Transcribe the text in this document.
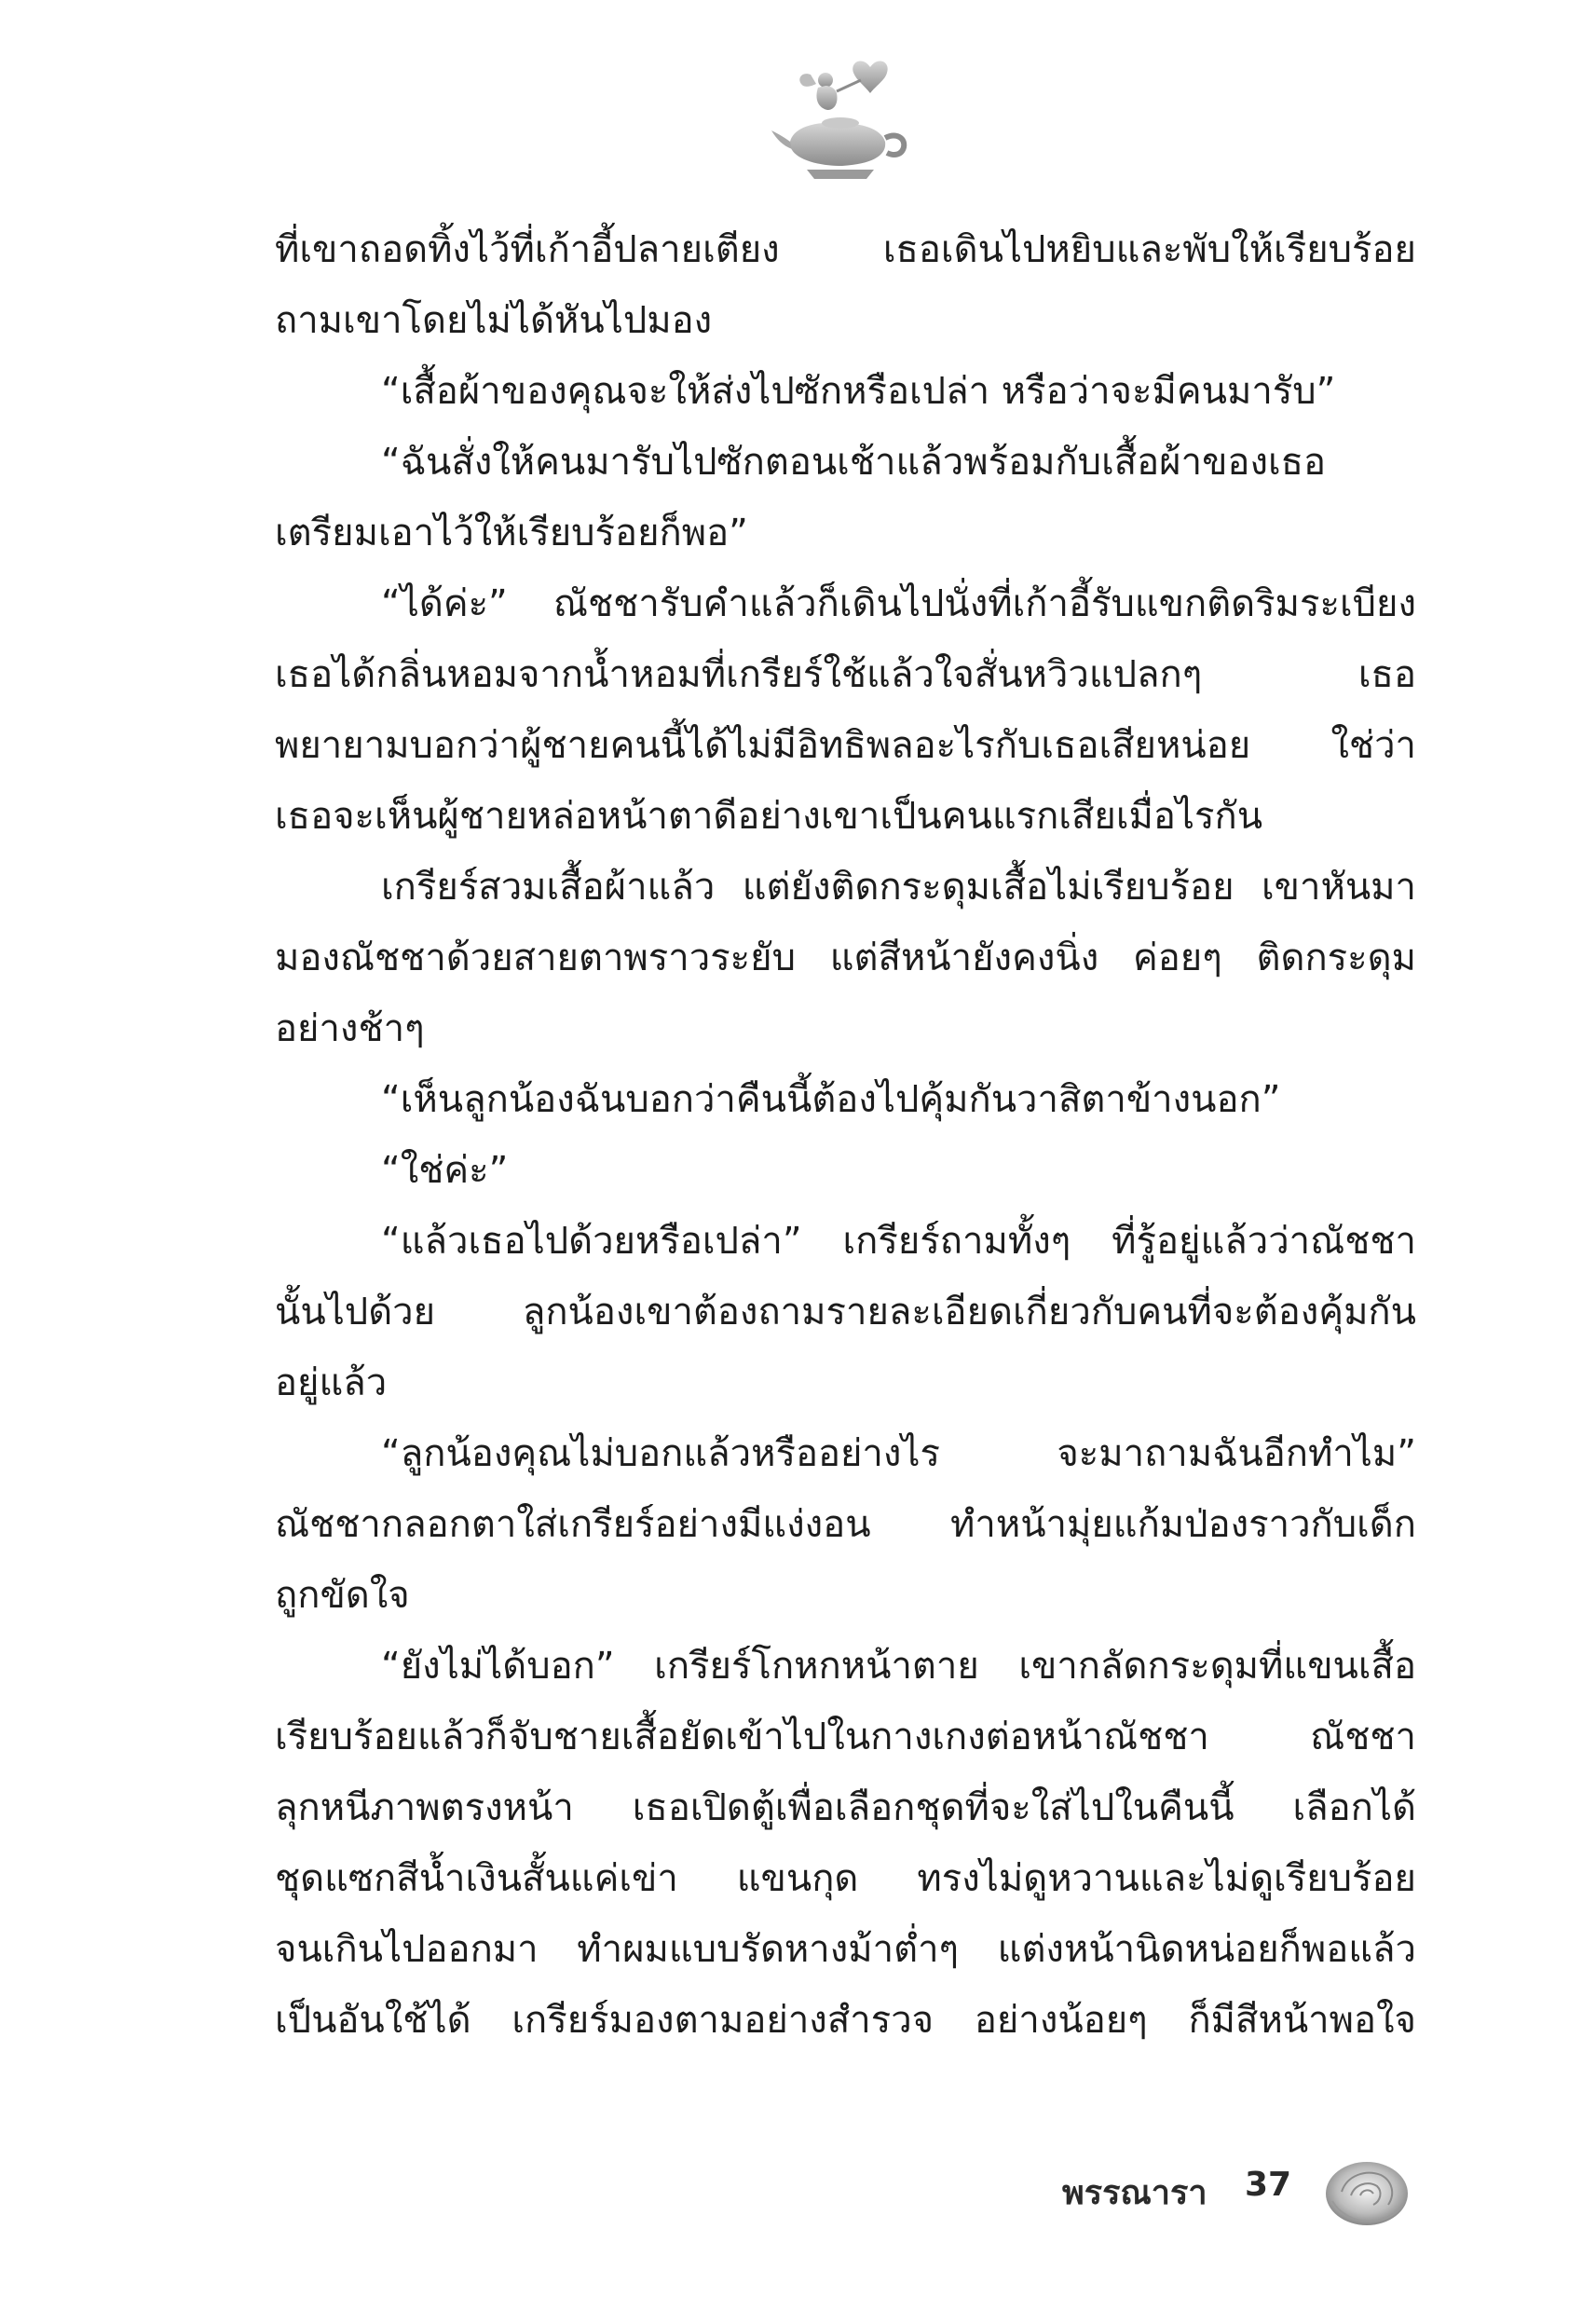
ที่เขาถอดทิ้งไว้ที่เก้าอี้ปลายเตียง เธอเดินไปหยิบและพับให้เรียบร้อย
ถามเขาโดยไม่ได้หันไปมอง
“เสื้อผ้าของคุณจะให้ส่งไปซักหรือเปล่า หรือว่าจะมีคนมารับ”
“ฉันสั่งให้คนมารับไปซักตอนเช้าแล้วพร้อมกับเสื้อผ้าของเธอ
เตรียมเอาไว้ให้เรียบร้อยก็พอ”
“ได้ค่ะ” ณัชชารับคำแล้วก็เดินไปนั่งที่เก้าอี้รับแขกติดริมระเบียง
เธอได้กลิ่นหอมจากน้ำหอมที่เกรียร์ใช้แล้วใจสั่นหวิวแปลกๆ เธอ
พยายามบอกว่าผู้ชายคนนี้ได้ไม่มีอิทธิพลอะไรกับเธอเสียหน่อย ใช่ว่า
เธอจะเห็นผู้ชายหล่อหน้าตาดีอย่างเขาเป็นคนแรกเสียเมื่อไรกัน
เกรียร์สวมเสื้อผ้าแล้ว แต่ยังติดกระดุมเสื้อไม่เรียบร้อย เขาหันมา
มองณัชชาด้วยสายตาพราวระยับ แต่สีหน้ายังคงนิ่ง ค่อยๆ ติดกระดุม
อย่างช้าๆ
“เห็นลูกน้องฉันบอกว่าคืนนี้ต้องไปคุ้มกันวาสิตาข้างนอก”
“ใช่ค่ะ”
“แล้วเธอไปด้วยหรือเปล่า” เกรียร์ถามทั้งๆ ที่รู้อยู่แล้วว่าณัชชา
นั้นไปด้วย ลูกน้องเขาต้องถามรายละเอียดเกี่ยวกับคนที่จะต้องคุ้มกัน
อยู่แล้ว
“ลูกน้องคุณไม่บอกแล้วหรืออย่างไร จะมาถามฉันอีกทำไม”
ณัชชากลอกตาใส่เกรียร์อย่างมีแง่งอน ทำหน้ามุ่ยแก้มป่องราวกับเด็ก
ถูกขัดใจ
“ยังไม่ได้บอก” เกรียร์โกหกหน้าตาย เขากลัดกระดุมที่แขนเสื้อ
เรียบร้อยแล้วก็จับชายเสื้อยัดเข้าไปในกางเกงต่อหน้าณัชชา ณัชชา
ลุกหนีภาพตรงหน้า เธอเปิดตู้เพื่อเลือกชุดที่จะใส่ไปในคืนนี้ เลือกได้
ชุดแซกสีน้ำเงินสั้นแค่เข่า แขนกุด ทรงไม่ดูหวานและไม่ดูเรียบร้อย
จนเกินไปออกมา ทำผมแบบรัดหางม้าต่ำๆ แต่งหน้านิดหน่อยก็พอแล้ว
เป็นอันใช้ได้ เกรียร์มองตามอย่างสำรวจ อย่างน้อยๆ ก็มีสีหน้าพอใจ
พรรณารา 37
